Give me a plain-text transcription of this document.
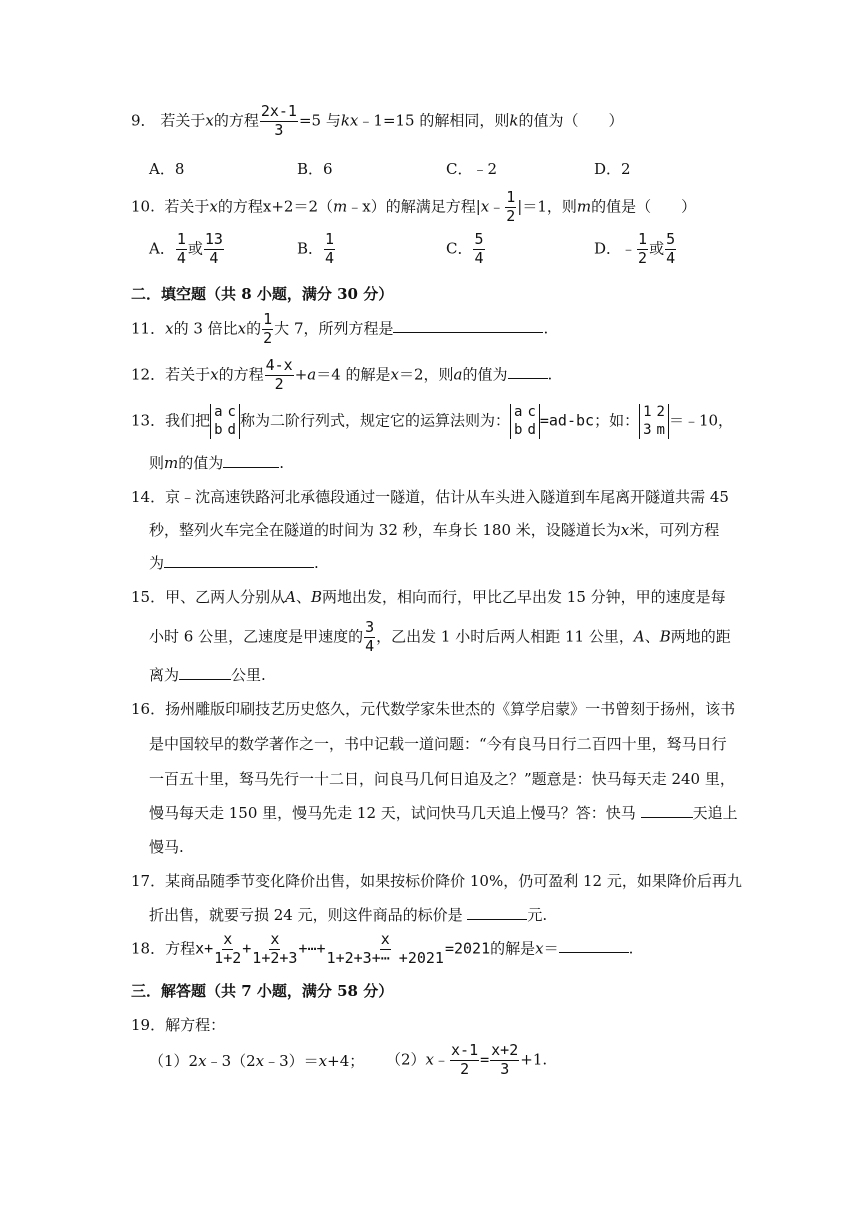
9． 若关于x的方程 $\frac{2x-1}{3} =5$ 与kx﹣1=15 的解相同，则k的值为（　　）
A．8	B．6	C．﹣2	D．2
10. 若关于x的方程x+2＝2（m﹣x）的解满足方程|x﹣ $\frac{1}{2} |=1$，则m的值是（　　）
A． $\frac{1}{4}$ 或 $\frac{13}{4}$	B． $\frac{1}{4}$	C． $\frac{5}{4}$	D．﹣ $\frac{1}{2}$ 或 $\frac{5}{4}$
二．填空题（共 8 小题，满分 30 分）
11．x的 3 倍比x的 $\frac{1}{2}$ 大 7，所列方程是	.
12．若关于x的方程 $\frac{4-x}{2} +a=4$ 的解是x＝2，则a的值为	.
13．我们把 a c
b d 称为二阶行列式，规定它的运算法则为： a c
b d =ad-bc；如： 1 2
3 m ＝﹣10，
则m的值为	.
14．京﹣沈高速铁路河北承德段通过一隧道，估计从车头进入隧道到车尾离开隧道共需 45
秒，整列火车完全在隧道的时间为 32 秒，车身长 180 米，设隧道长为x米，可列方程
为	.
15．甲、乙两人分别从A、B两地出发，相向而行，甲比乙早出发 15 分钟，甲的速度是每
小时 6 公里，乙速度是甲速度的 $\frac{3}{4}$ ，乙出发 1 小时后两人相距 11 公里，A、B两地的距
离为	公里.
16．扬州雕版印刷技艺历史悠久，元代数学家朱世杰的《算学启蒙》一书曾刻于扬州，该书
是中国较早的数学著作之一，书中记载一道问题：“今有良马日行二百四十里，驽马日行
一百五十里，驽马先行一十二日，问良马几何日追及之？”题意是：快马每天走 240 里，
慢马每天走 150 里，慢马先走 12 天，试问快马几天追上慢马？答：快马	天追上
慢马.
17．某商品随季节变化降价出售，如果按标价降价 10%，仍可盈利 12 元，如果降价后再九
折出售，就要亏损 24 元，则这件商品的标价是	元.
18．方程$x+ \frac{x}{1+2} + \frac{x}{1+2+3}$ +⋯+ $\frac{x}{1+2+3+\cdots +2021} =2021$的解是x＝	.
三．解答题（共 7 小题，满分 58 分）
19．解方程：
（1）2x﹣3（2x﹣3）＝x+4； （2）x﹣ $\frac{x-1}{2} = \frac{x+2}{3} +1$.
